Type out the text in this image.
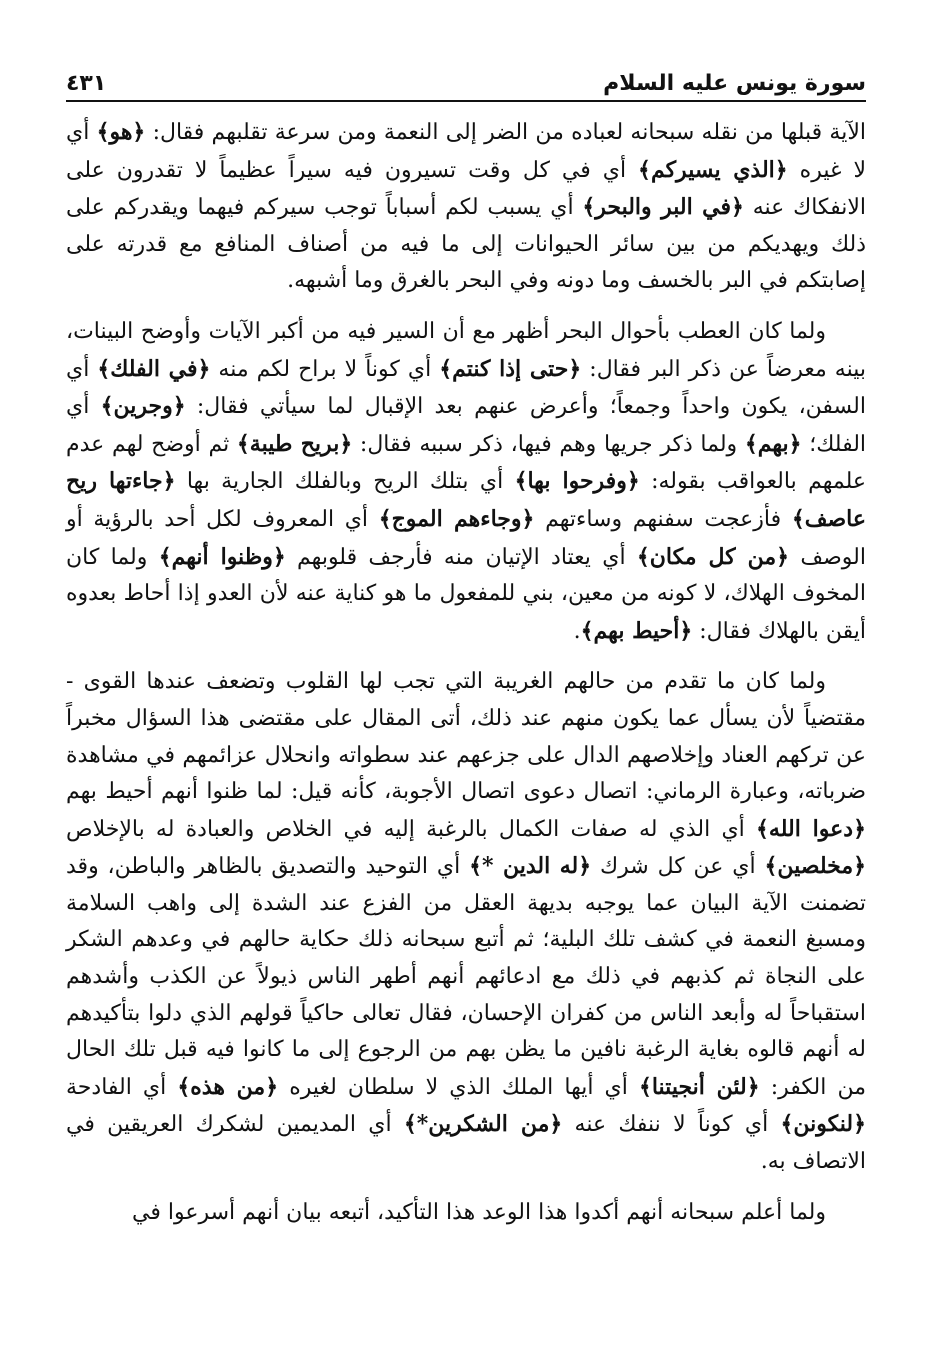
سورة يونس عليه السلام
٤٣١

الآية قبلها من نقله سبحانه لعباده من الضر إلى النعمة ومن سرعة تقلبهم فقال: ﴿هو﴾ أي لا غيره ﴿الذي يسيركم﴾ أي في كل وقت تسيرون فيه سيراً عظيماً لا تقدرون على الانفكاك عنه ﴿في البر والبحر﴾ أي يسبب لكم أسباباً توجب سيركم فيهما ويقدركم على ذلك ويهديكم من بين سائر الحيوانات إلى ما فيه من أصناف المنافع مع قدرته على إصابتكم في البر بالخسف وما دونه وفي البحر بالغرق وما أشبهه.

ولما كان العطب بأحوال البحر أظهر مع أن السير فيه من أكبر الآيات وأوضح البينات، بينه معرضاً عن ذكر البر فقال: ﴿حتى إذا كنتم﴾ أي كوناً لا براح لكم منه ﴿في الفلك﴾ أي السفن، يكون واحداً وجمعاً؛ وأعرض عنهم بعد الإقبال لما سيأتي فقال: ﴿وجرين﴾ أي الفلك؛ ﴿بهم﴾ ولما ذكر جريها وهم فيها، ذكر سببه فقال: ﴿بريح طيبة﴾ ثم أوضح لهم عدم علمهم بالعواقب بقوله: ﴿وفرحوا بها﴾ أي بتلك الريح وبالفلك الجارية بها ﴿جاءتها ريح عاصف﴾ فأزعجت سفنهم وساءتهم ﴿وجاءهم الموج﴾ أي المعروف لكل أحد بالرؤية أو الوصف ﴿من كل مكان﴾ أي يعتاد الإتيان منه فأرجف قلوبهم ﴿وظنوا أنهم﴾ ولما كان المخوف الهلاك، لا كونه من معين، بني للمفعول ما هو كناية عنه لأن العدو إذا أحاط بعدوه أيقن بالهلاك فقال: ﴿أحيط بهم﴾.

ولما كان ما تقدم من حالهم الغريبة التي تجب لها القلوب وتضعف عندها القوى - مقتضياً لأن يسأل عما يكون منهم عند ذلك، أتى المقال على مقتضى هذا السؤال مخبراً عن تركهم العناد وإخلاصهم الدال على جزعهم عند سطواته وانحلال عزائمهم في مشاهدة ضرباته، وعبارة الرماني: اتصال دعوى اتصال الأجوبة، كأنه قيل: لما ظنوا أنهم أحيط بهم ﴿دعوا الله﴾ أي الذي له صفات الكمال بالرغبة إليه في الخلاص والعبادة له بالإخلاص ﴿مخلصين﴾ أي عن كل شرك ﴿له الدين *﴾ أي التوحيد والتصديق بالظاهر والباطن، وقد تضمنت الآية البيان عما يوجبه بديهة العقل من الفزع عند الشدة إلى واهب السلامة ومسبغ النعمة في كشف تلك البلية؛ ثم أتبع سبحانه ذلك حكاية حالهم في وعدهم الشكر على النجاة ثم كذبهم في ذلك مع ادعائهم أنهم أطهر الناس ذيولاً عن الكذب وأشدهم استقباحاً له وأبعد الناس من كفران الإحسان، فقال تعالى حاكياً قولهم الذي دلوا بتأكيدهم له أنهم قالوه بغاية الرغبة نافين ما يظن بهم من الرجوع إلى ما كانوا فيه قبل تلك الحال من الكفر: ﴿لئن أنجيتنا﴾ أي أيها الملك الذي لا سلطان لغيره ﴿من هذه﴾ أي الفادحة ﴿لنكونن﴾ أي كوناً لا ننفك عنه ﴿من الشكرين*﴾ أي المديمين لشكرك العريقين في الاتصاف به.

ولما أعلم سبحانه أنهم أكدوا هذا الوعد هذا التأكيد، أتبعه بيان أنهم أسرعوا في
